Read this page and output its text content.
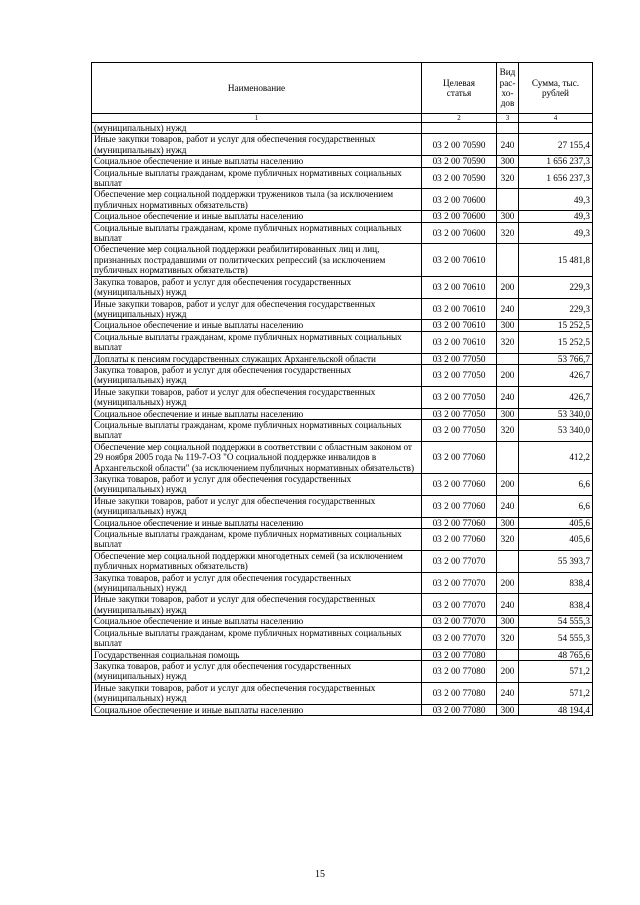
Наименование	Целевая статья	Вид рас-хо-дов	Сумма, тыс. рублей
1	2	3	4
(муниципальных) нужд			
Иные закупки товаров, работ и услуг для обеспечения государственных (муниципальных) нужд	03 2 00 70590	240	27 155,4
Социальное обеспечение и иные выплаты населению	03 2 00 70590	300	1 656 237,3
Социальные выплаты гражданам, кроме публичных нормативных социальных выплат	03 2 00 70590	320	1 656 237,3
Обеспечение мер социальной поддержки тружеников тыла (за исключением публичных нормативных обязательств)	03 2 00 70600		49,3
Социальное обеспечение и иные выплаты населению	03 2 00 70600	300	49,3
Социальные выплаты гражданам, кроме публичных нормативных социальных выплат	03 2 00 70600	320	49,3
Обеспечение мер социальной поддержки реабилитированных лиц и лиц, признанных пострадавшими от политических репрессий (за исключением публичных нормативных обязательств)	03 2 00 70610		15 481,8
Закупка товаров, работ и услуг для обеспечения государственных (муниципальных) нужд	03 2 00 70610	200	229,3
Иные закупки товаров, работ и услуг для обеспечения государственных (муниципальных) нужд	03 2 00 70610	240	229,3
Социальное обеспечение и иные выплаты населению	03 2 00 70610	300	15 252,5
Социальные выплаты гражданам, кроме публичных нормативных социальных выплат	03 2 00 70610	320	15 252,5
Доплаты к пенсиям государственных служащих Архангельской области	03 2 00 77050		53 766,7
Закупка товаров, работ и услуг для обеспечения государственных (муниципальных) нужд	03 2 00 77050	200	426,7
Иные закупки товаров, работ и услуг для обеспечения государственных (муниципальных) нужд	03 2 00 77050	240	426,7
Социальное обеспечение и иные выплаты населению	03 2 00 77050	300	53 340,0
Социальные выплаты гражданам, кроме публичных нормативных социальных выплат	03 2 00 77050	320	53 340,0
Обеспечение мер социальной поддержки в соответствии с областным законом от 29 ноября 2005 года № 119-7-ОЗ "О социальной поддержке инвалидов в Архангельской области" (за исключением публичных нормативных обязательств)	03 2 00 77060		412,2
Закупка товаров, работ и услуг для обеспечения государственных (муниципальных) нужд	03 2 00 77060	200	6,6
Иные закупки товаров, работ и услуг для обеспечения государственных (муниципальных) нужд	03 2 00 77060	240	6,6
Социальное обеспечение и иные выплаты населению	03 2 00 77060	300	405,6
Социальные выплаты гражданам, кроме публичных нормативных социальных выплат	03 2 00 77060	320	405,6
Обеспечение мер социальной поддержки многодетных семей (за исключением публичных нормативных обязательств)	03 2 00 77070		55 393,7
Закупка товаров, работ и услуг для обеспечения государственных (муниципальных) нужд	03 2 00 77070	200	838,4
Иные закупки товаров, работ и услуг для обеспечения государственных (муниципальных) нужд	03 2 00 77070	240	838,4
Социальное обеспечение и иные выплаты населению	03 2 00 77070	300	54 555,3
Социальные выплаты гражданам, кроме публичных нормативных социальных выплат	03 2 00 77070	320	54 555,3
Государственная социальная помощь	03 2 00 77080		48 765,6
Закупка товаров, работ и услуг для обеспечения государственных (муниципальных) нужд	03 2 00 77080	200	571,2
Иные закупки товаров, работ и услуг для обеспечения государственных (муниципальных) нужд	03 2 00 77080	240	571,2
Социальное обеспечение и иные выплаты населению	03 2 00 77080	300	48 194,4
15
